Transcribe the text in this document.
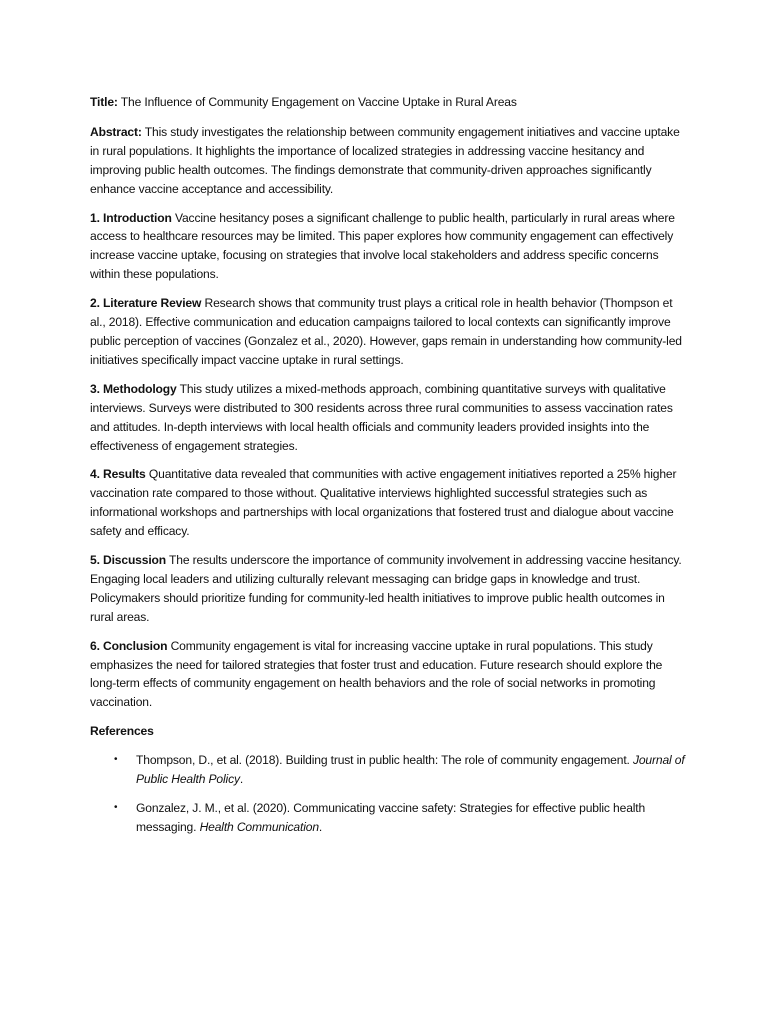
Title: The Influence of Community Engagement on Vaccine Uptake in Rural Areas

Abstract: This study investigates the relationship between community engagement initiatives and vaccine uptake in rural populations. It highlights the importance of localized strategies in addressing vaccine hesitancy and improving public health outcomes. The findings demonstrate that community-driven approaches significantly enhance vaccine acceptance and accessibility.

1. Introduction Vaccine hesitancy poses a significant challenge to public health, particularly in rural areas where access to healthcare resources may be limited. This paper explores how community engagement can effectively increase vaccine uptake, focusing on strategies that involve local stakeholders and address specific concerns within these populations.

2. Literature Review Research shows that community trust plays a critical role in health behavior (Thompson et al., 2018). Effective communication and education campaigns tailored to local contexts can significantly improve public perception of vaccines (Gonzalez et al., 2020). However, gaps remain in understanding how community-led initiatives specifically impact vaccine uptake in rural settings.

3. Methodology This study utilizes a mixed-methods approach, combining quantitative surveys with qualitative interviews. Surveys were distributed to 300 residents across three rural communities to assess vaccination rates and attitudes. In-depth interviews with local health officials and community leaders provided insights into the effectiveness of engagement strategies.

4. Results Quantitative data revealed that communities with active engagement initiatives reported a 25% higher vaccination rate compared to those without. Qualitative interviews highlighted successful strategies such as informational workshops and partnerships with local organizations that fostered trust and dialogue about vaccine safety and efficacy.

5. Discussion The results underscore the importance of community involvement in addressing vaccine hesitancy. Engaging local leaders and utilizing culturally relevant messaging can bridge gaps in knowledge and trust. Policymakers should prioritize funding for community-led health initiatives to improve public health outcomes in rural areas.

6. Conclusion Community engagement is vital for increasing vaccine uptake in rural populations. This study emphasizes the need for tailored strategies that foster trust and education. Future research should explore the long-term effects of community engagement on health behaviors and the role of social networks in promoting vaccination.

References

• Thompson, D., et al. (2018). Building trust in public health: The role of community engagement. Journal of Public Health Policy.
• Gonzalez, J. M., et al. (2020). Communicating vaccine safety: Strategies for effective public health messaging. Health Communication.
